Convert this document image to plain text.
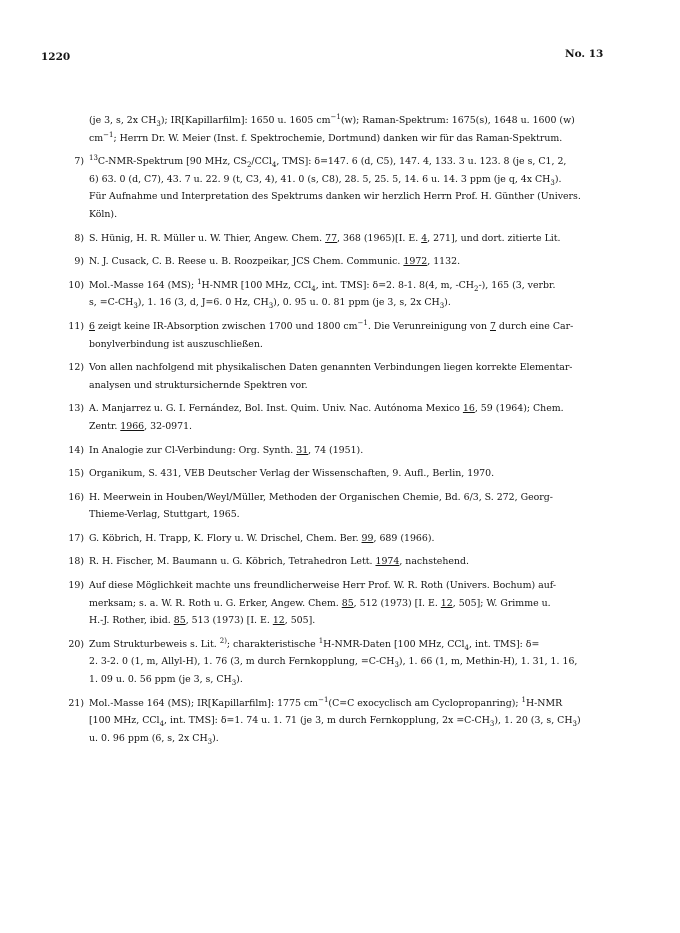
1220	No. 13
(je 3, s, 2x $CH_3$); IR[Kapillarfilm]: 1650 u. 1605 $cm^{-1}(w)$; Raman-Spektrum: 1675(s), 1648 u. 1600 (w)
$cm^{-1}$; Herrn Dr. W. Meier (Inst. f. Spektrochemie, Dortmund) danken wir für das Raman-Spektrum.
7) $^{13}$C-NMR-Spektrum [90 MHz, $CS_2/CCl_4$, TMS]: δ=147. 6 (d, C5), 147. 4, 133. 3 u. 123. 8 (je s, C1, 2,
6) 63. 0 (d, C7), 43. 7 u. 22. 9 (t, C3, 4), 41. 0 (s, C8), 28. 5, 25. 5, 14. 6 u. 14. 3 ppm (je q, 4x $CH_3$).
Für Aufnahme und Interpretation des Spektrums danken wir herzlich Herrn Prof. H. Günther (Univers.
Köln).
8) S. Hünig, H. R. Müller u. W. Thier, Angew. Chem. 77, 368 (1965)[I. E. 4, 271], und dort. zitierte Lit.
9) N. J. Cusack, C. B. Reese u. B. Roozpeikar, JCS Chem. Communic. 1972, 1132.
10) Mol.-Masse 164 (MS); $^1$H-NMR [100 MHz, CCl$_4$, int. TMS]: δ=2. 8-1. 8(4, m, $-CH_2-$), 165 (3, verbr.
s, $=C-CH_3$), 1. 16 (3, d, J=6. 0 Hz, $CH_3$), 0. 95 u. 0. 81 ppm (je 3, s, 2x $CH_3$).
11) 6 zeigt keine IR-Absorption zwischen 1700 und 1800 $cm^{-1}$. Die Verunreinigung von 7 durch eine Car-
bonylverbindung ist auszuschließen.
12) Von allen nachfolgend mit physikalischen Daten genannten Verbindungen liegen korrekte Elementar-
analysen und struktursichernde Spektren vor.
13) A. Manjarrez u. G. I. Fernández, Bol. Inst. Quim. Univ. Nac. Autónoma Mexico 16, 59 (1964); Chem.
Zentr. 1966, 32-0971.
14) In Analogie zur Cl-Verbindung: Org. Synth. 31, 74 (1951).
15) Organikum, S. 431, VEB Deutscher Verlag der Wissenschaften, 9. Aufl., Berlin, 1970.
16) H. Meerwein in Houben/Weyl/Müller, Methoden der Organischen Chemie, Bd. 6/3, S. 272, Georg-
Thieme-Verlag, Stuttgart, 1965.
17) G. Köbrich, H. Trapp, K. Flory u. W. Drischel, Chem. Ber. 99, 689 (1966).
18) R. H. Fischer, M. Baumann u. G. Köbrich, Tetrahedron Lett. 1974, nachstehend.
19) Auf diese Möglichkeit machte uns freundlicherweise Herr Prof. W. R. Roth (Univers. Bochum) auf-
merksam; s. a. W. R. Roth u. G. Erker, Angew. Chem. 85, 512 (1973) [I. E. 12, 505]; W. Grimme u.
H.-J. Rother, ibid. 85, 513 (1973) [I. E. 12, 505].
20) Zum Strukturbeweis s. Lit. $^{2)}$; charakteristische $^1$H-NMR-Daten [100 MHz, CCl$_4$, int. TMS]: δ=
2. 3-2. 0 (1, m, Allyl-H), 1. 76 (3, m durch Fernkopplung, $=C-CH_3$), 1. 66 (1, m, Methin-H), 1. 31, 1. 16,
1. 09 u. 0. 56 ppm (je 3, s, $CH_3$).
21) Mol.-Masse 164 (MS); IR[Kapillarfilm]: 1775 $cm^{-1}(C=C$ exocyclisch am Cyclopropanring); $^1$H-NMR
[100 MHz, CCl$_4$, int. TMS]: δ=1. 74 u. 1. 71 (je 3, m durch Fernkopplung, $2x =C-CH_3$), 1. 20 (3, s, $CH_3$)
u. 0. 96 ppm (6, s, 2x $CH_3$).
